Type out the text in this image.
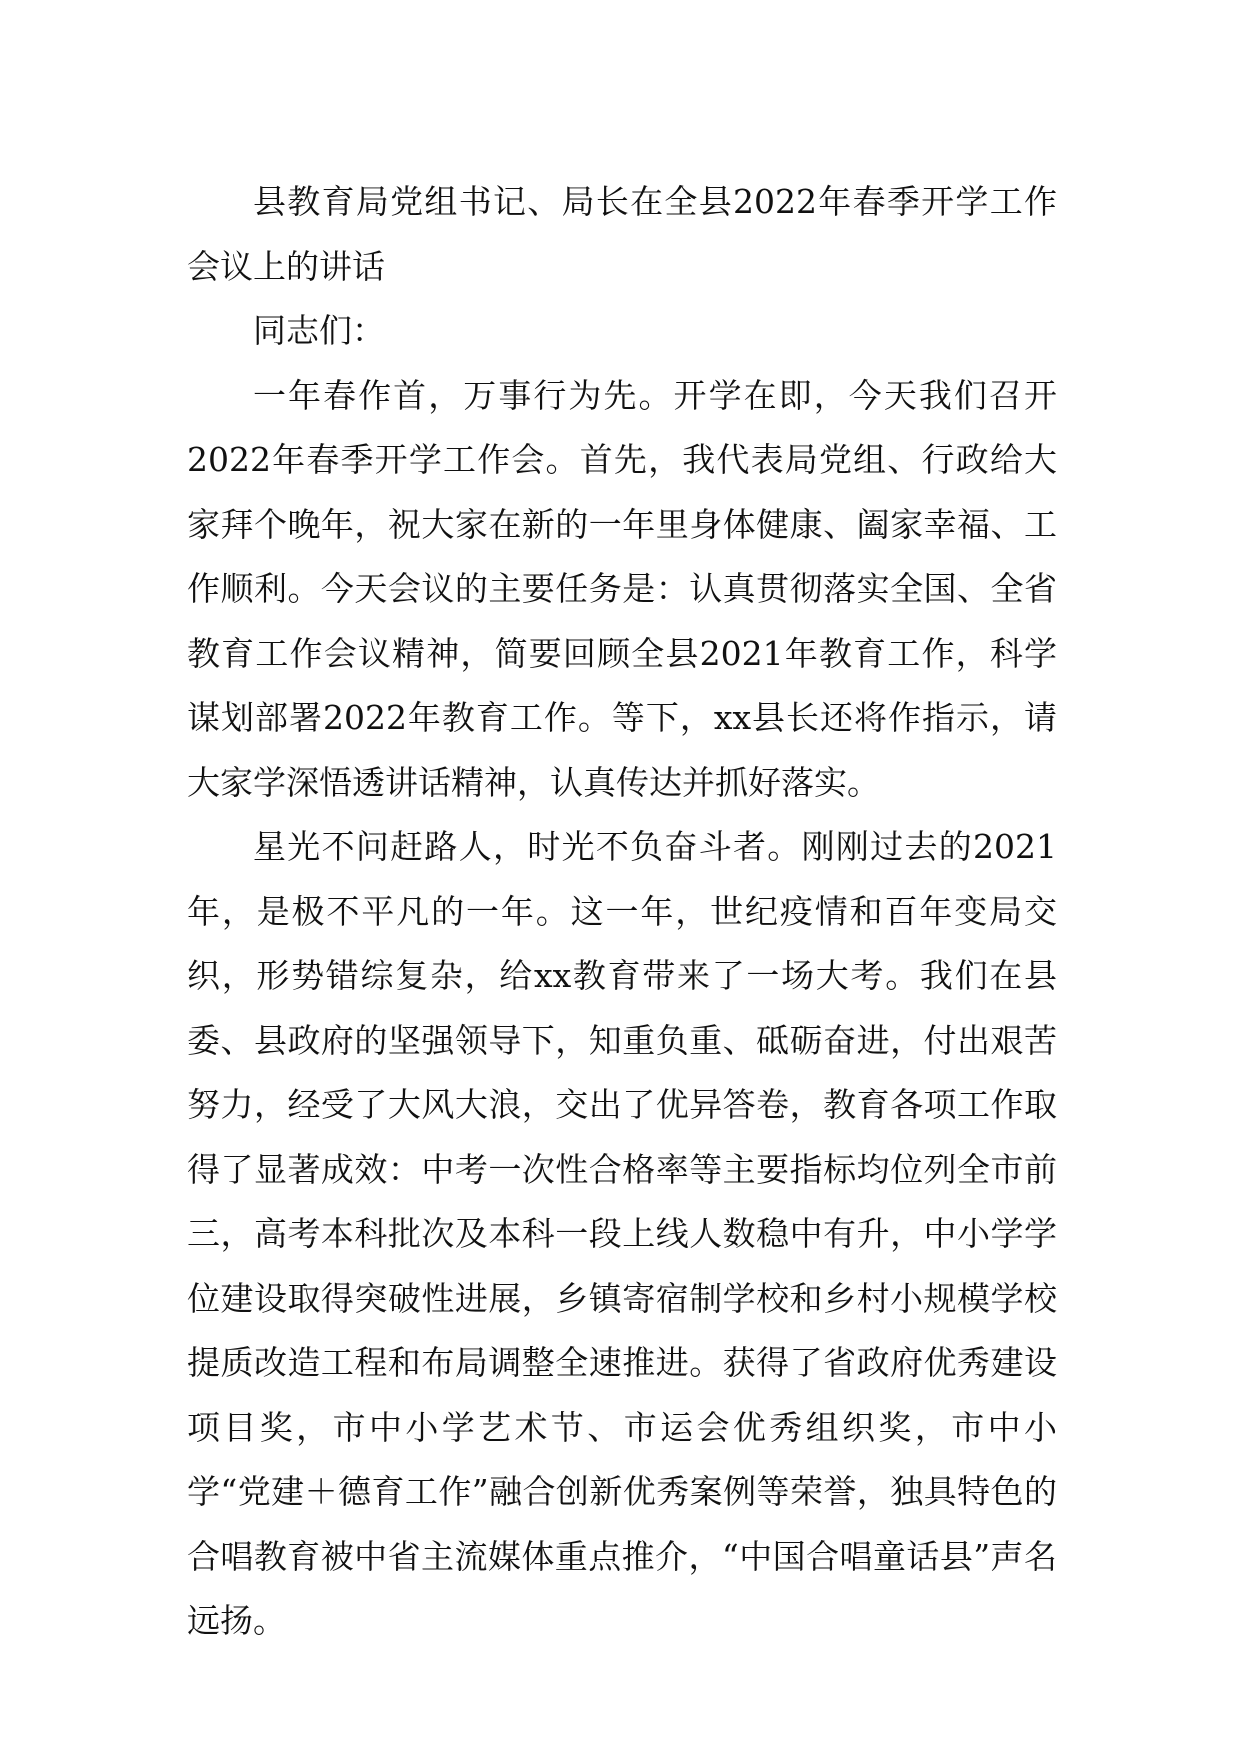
县教育局党组书记、局长在全县2022年春季开学工作会议上的讲话

同志们：

一年春作首，万事行为先。开学在即，今天我们召开2022年春季开学工作会。首先，我代表局党组、行政给大家拜个晚年，祝大家在新的一年里身体健康、阖家幸福、工作顺利。今天会议的主要任务是：认真贯彻落实全国、全省教育工作会议精神，简要回顾全县2021年教育工作，科学谋划部署2022年教育工作。等下，xx县长还将作指示，请大家学深悟透讲话精神，认真传达并抓好落实。

星光不问赶路人，时光不负奋斗者。刚刚过去的2021年，是极不平凡的一年。这一年，世纪疫情和百年变局交织，形势错综复杂，给xx教育带来了一场大考。我们在县委、县政府的坚强领导下，知重负重、砥砺奋进，付出艰苦努力，经受了大风大浪，交出了优异答卷，教育各项工作取得了显著成效：中考一次性合格率等主要指标均位列全市前三，高考本科批次及本科一段上线人数稳中有升，中小学学位建设取得突破性进展，乡镇寄宿制学校和乡村小规模学校提质改造工程和布局调整全速推进。获得了省政府优秀建设项目奖，市中小学艺术节、市运会优秀组织奖，市中小学“党建＋德育工作”融合创新优秀案例等荣誉，独具特色的合唱教育被中省主流媒体重点推介，“中国合唱童话县”声名远扬。
